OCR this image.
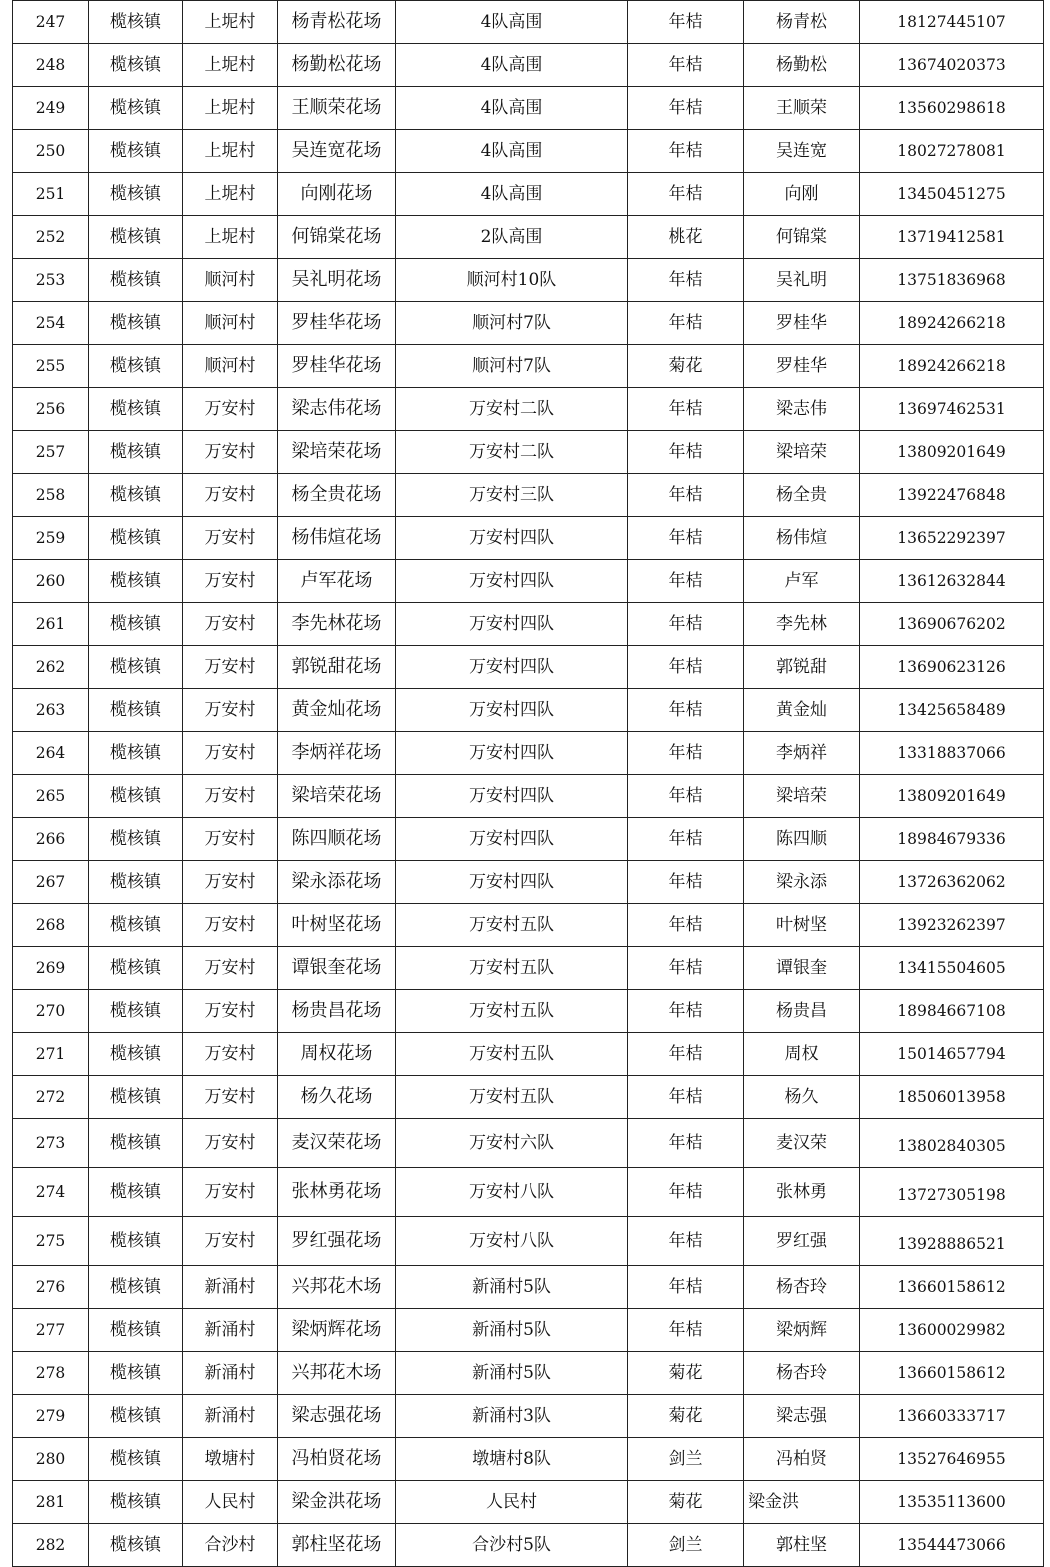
247	榄核镇	上坭村	杨青松花场	4队高围	年桔	杨青松	18127445107
248	榄核镇	上坭村	杨勤松花场	4队高围	年桔	杨勤松	13674020373
249	榄核镇	上坭村	王顺荣花场	4队高围	年桔	王顺荣	13560298618
250	榄核镇	上坭村	吴连宽花场	4队高围	年桔	吴连宽	18027278081
251	榄核镇	上坭村	向刚花场	4队高围	年桔	向刚	13450451275
252	榄核镇	上坭村	何锦棠花场	2队高围	桃花	何锦棠	13719412581
253	榄核镇	顺河村	吴礼明花场	顺河村10队	年桔	吴礼明	13751836968
254	榄核镇	顺河村	罗桂华花场	顺河村7队	年桔	罗桂华	18924266218
255	榄核镇	顺河村	罗桂华花场	顺河村7队	菊花	罗桂华	18924266218
256	榄核镇	万安村	梁志伟花场	万安村二队	年桔	梁志伟	13697462531
257	榄核镇	万安村	梁培荣花场	万安村二队	年桔	梁培荣	13809201649
258	榄核镇	万安村	杨全贵花场	万安村三队	年桔	杨全贵	13922476848
259	榄核镇	万安村	杨伟煊花场	万安村四队	年桔	杨伟煊	13652292397
260	榄核镇	万安村	卢军花场	万安村四队	年桔	卢军	13612632844
261	榄核镇	万安村	李先林花场	万安村四队	年桔	李先林	13690676202
262	榄核镇	万安村	郭锐甜花场	万安村四队	年桔	郭锐甜	13690623126
263	榄核镇	万安村	黄金灿花场	万安村四队	年桔	黄金灿	13425658489
264	榄核镇	万安村	李炳祥花场	万安村四队	年桔	李炳祥	13318837066
265	榄核镇	万安村	梁培荣花场	万安村四队	年桔	梁培荣	13809201649
266	榄核镇	万安村	陈四顺花场	万安村四队	年桔	陈四顺	18984679336
267	榄核镇	万安村	梁永添花场	万安村四队	年桔	梁永添	13726362062
268	榄核镇	万安村	叶树坚花场	万安村五队	年桔	叶树坚	13923262397
269	榄核镇	万安村	谭银奎花场	万安村五队	年桔	谭银奎	13415504605
270	榄核镇	万安村	杨贵昌花场	万安村五队	年桔	杨贵昌	18984667108
271	榄核镇	万安村	周权花场	万安村五队	年桔	周权	15014657794
272	榄核镇	万安村	杨久花场	万安村五队	年桔	杨久	18506013958
273	榄核镇	万安村	麦汉荣花场	万安村六队	年桔	麦汉荣	13802840305
274	榄核镇	万安村	张林勇花场	万安村八队	年桔	张林勇	13727305198
275	榄核镇	万安村	罗红强花场	万安村八队	年桔	罗红强	13928886521
276	榄核镇	新涌村	兴邦花木场	新涌村5队	年桔	杨杏玲	13660158612
277	榄核镇	新涌村	梁炳辉花场	新涌村5队	年桔	梁炳辉	13600029982
278	榄核镇	新涌村	兴邦花木场	新涌村5队	菊花	杨杏玲	13660158612
279	榄核镇	新涌村	梁志强花场	新涌村3队	菊花	梁志强	13660333717
280	榄核镇	墩塘村	冯柏贤花场	墩塘村8队	剑兰	冯柏贤	13527646955
281	榄核镇	人民村	梁金洪花场	人民村	菊花	梁金洪	13535113600
282	榄核镇	合沙村	郭柱坚花场	合沙村5队	剑兰	郭柱坚	13544473066
